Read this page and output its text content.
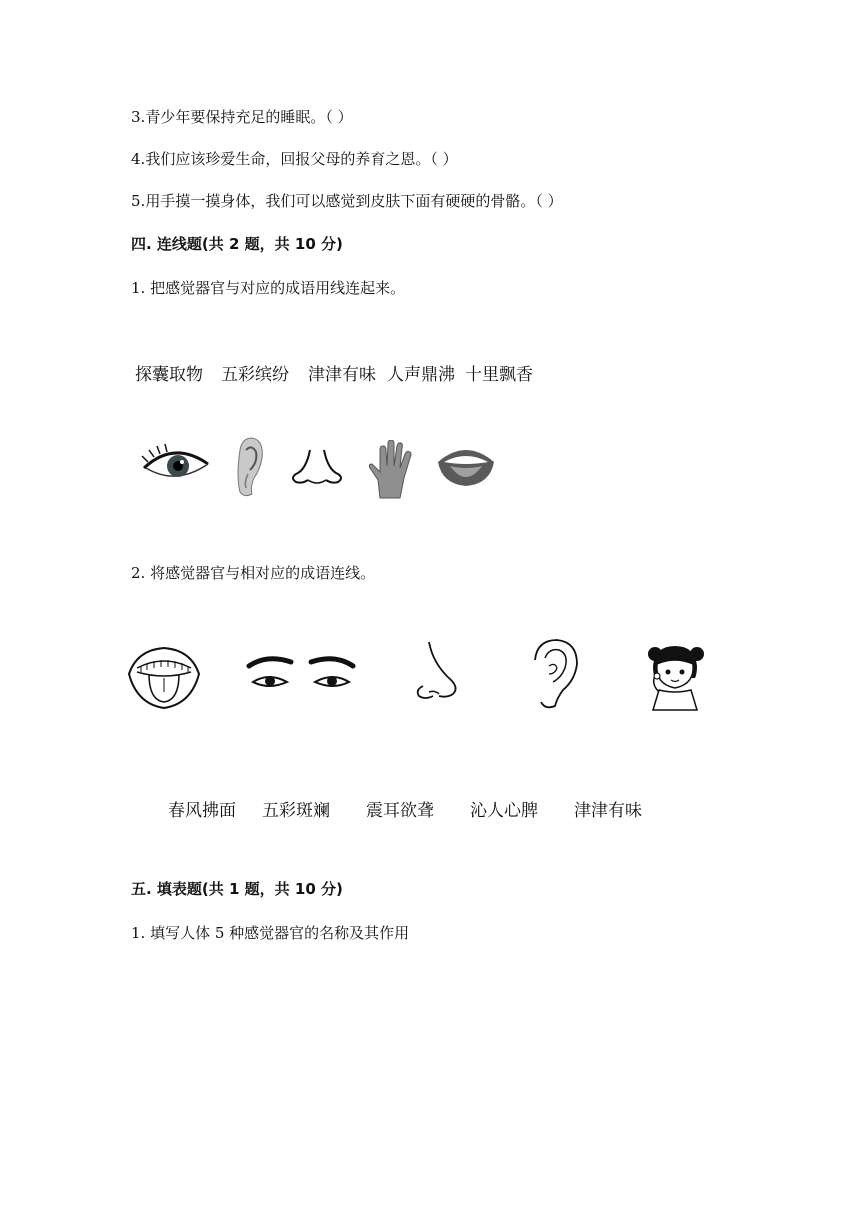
3.青少年要保持充足的睡眠。（ ）
4.我们应该珍爱生命，回报父母的养育之恩。（ ）
5.用手摸一摸身体，我们可以感觉到皮肤下面有硬硬的骨骼。（ ）
四. 连线题(共 2 题，共 10 分)
1. 把感觉器官与对应的成语用线连起来。
探囊取物 五彩缤纷 津津有味 人声鼎沸 十里飘香
2. 将感觉器官与相对应的成语连线。
春风拂面 五彩斑斓 震耳欲聋 沁人心脾 津津有味
五. 填表题(共 1 题，共 10 分)
1. 填写人体 5 种感觉器官的名称及其作用
